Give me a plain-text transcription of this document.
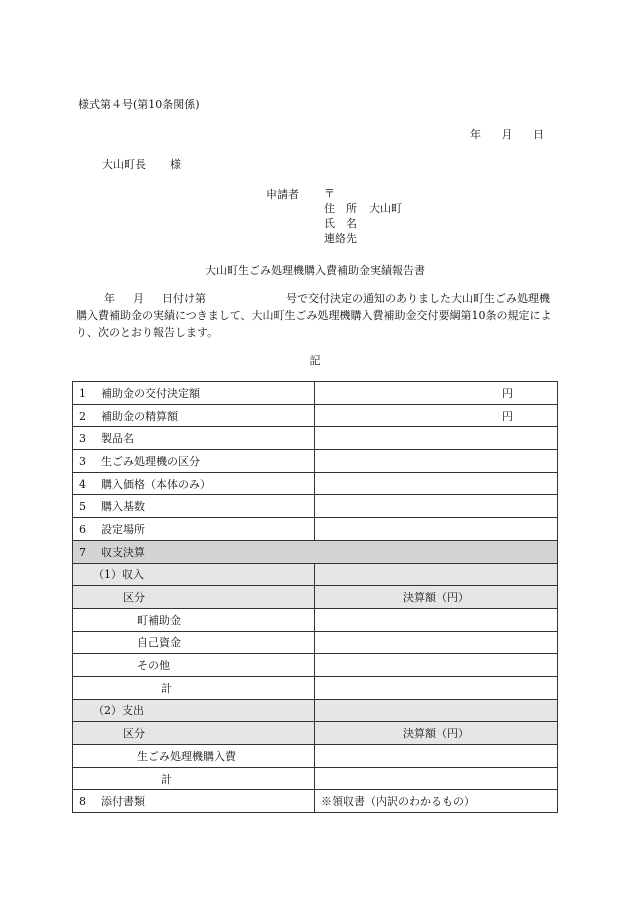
様式第４号(第10条関係)
年 月 日
大山町長 様
申請者 〒
住　所 大山町
氏　名
連絡先
大山町生ごみ処理機購入費補助金実績報告書
年 月 日付け第	号で交付決定の通知のありました大山町生ごみ処理機購入費補助金の実績につきまして、大山町生ごみ処理機購入費補助金交付要綱第10条の規定により、次のとおり報告します。
記
1 補助金の交付決定額	円

2 補助金の精算額	円

3 製品名	

3 生ごみ処理機の区分	

4 購入価格（本体のみ）	

5 購入基数	

6 設定場所	

7 収支決算	
（1）収入	
区分	決算額（円）
町補助金	
自己資金	
その他	
計	
（2）支出	
区分	決算額（円）
生ごみ処理機購入費	
計	
8 添付書類	※領収書（内訳のわかるもの）
